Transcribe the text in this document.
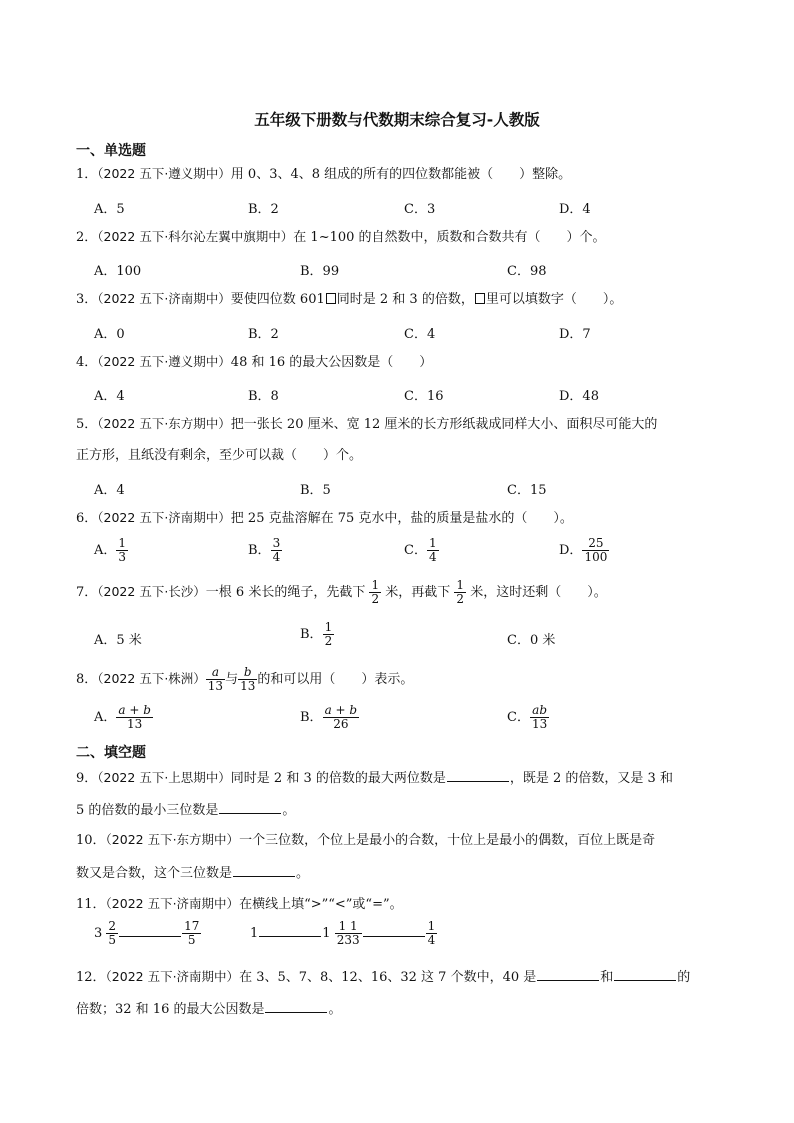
五年级下册数与代数期末综合复习-人教版
一、单选题
1．（2022 五下·遵义期中）用 0、3、4、8 组成的所有的四位数都能被（　　）整除。
A．5	B．2	C．3	D．4
2．（2022 五下·科尔沁左翼中旗期中）在 1~100 的自然数中，质数和合数共有（　　）个。
A．100	B．99	C．98
3．（2022 五下·济南期中）要使四位数 601 同时是 2 和 3 的倍数， 里可以填数字（　　）。
A．0	B．2	C．4	D．7
4．（2022 五下·遵义期中）48 和 16 的最大公因数是（　　）
A．4	B．8	C．16	D．48
5．（2022 五下·东方期中）把一张长 20 厘米、宽 12 厘米的长方形纸裁成同样大小、面积尽可能大的
正方形，且纸没有剩余，至少可以裁（　　）个。
A．4	B．5	C．15
6．（2022 五下·济南期中）把 25 克盐溶解在 75 克水中，盐的质量是盐水的（　　）。
A． $\frac{1}{3}$	B． $\frac{3}{4}$	C． $\frac{1}{4}$	D． $\frac{25}{100}$
7．（2022 五下·长沙）一根 6 米长的绳子，先截下 $\frac{1}{2}$ 米，再截下 $\frac{1}{2}$ 米，这时还剩（　　）。
A．5 米	B． $\frac{1}{2}$	C．0 米
8．（2022 五下·株洲） $\frac{a}{13}$ 与 $\frac{b}{13}$ 的和可以用（　　）表示。
A． $\frac{a + b}{13}$	B． $\frac{a + b}{26}$	C． $\frac{ab}{13}$
二、填空题
9．（2022 五下·上思期中）同时是 2 和 3 的倍数的最大两位数是	，既是 2 的倍数，又是 3 和
5 的倍数的最小三位数是	。
10．（2022 五下·东方期中）一个三位数，个位上是最小的合数，十位上是最小的偶数，百位上既是奇
数又是合数，这个三位数是	。
11．（2022 五下·济南期中）在横线上填“>”“<”或“=”。
$3 \frac{2}{5}$	$\frac{17}{5}$	1	$1 \frac{1 1}{233}$	$\frac{1}{4}$
12．（2022 五下·济南期中）在 3、5、7、8、12、16、32 这 7 个数中，40 是	和	的
倍数；32 和 16 的最大公因数是	。
